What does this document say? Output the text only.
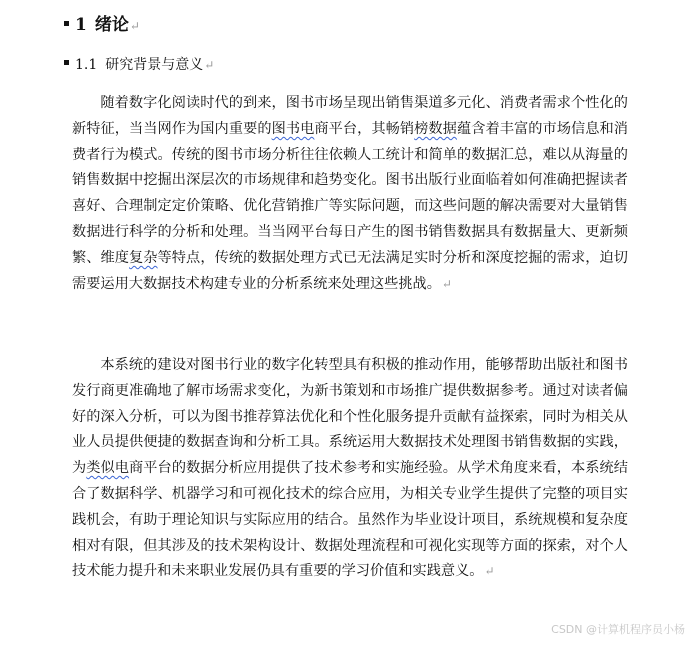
1 绪论 ↵
1.1 研究背景与意义 ↵

随着数字化阅读时代的到来，图书市场呈现出销售渠道多元化、消费者需求个性化的新特征，当当网作为国内重要的图书电商平台，其畅销榜数据蕴含着丰富的市场信息和消费者行为模式。传统的图书市场分析往往依赖人工统计和简单的数据汇总，难以从海量的销售数据中挖掘出深层次的市场规律和趋势变化。图书出版行业面临着如何准确把握读者喜好、合理制定定价策略、优化营销推广等实际问题，而这些问题的解决需要对大量销售数据进行科学的分析和处理。当当网平台每日产生的图书销售数据具有数据量大、更新频繁、维度复杂等特点，传统的数据处理方式已无法满足实时分析和深度挖掘的需求，迫切需要运用大数据技术构建专业的分析系统来处理这些挑战。↵

本系统的建设对图书行业的数字化转型具有积极的推动作用，能够帮助出版社和图书发行商更准确地了解市场需求变化，为新书策划和市场推广提供数据参考。通过对读者偏好的深入分析，可以为图书推荐算法优化和个性化服务提升贡献有益探索，同时为相关从业人员提供便捷的数据查询和分析工具。系统运用大数据技术处理图书销售数据的实践，为类似电商平台的数据分析应用提供了技术参考和实施经验。从学术角度来看，本系统结合了数据科学、机器学习和可视化技术的综合应用，为相关专业学生提供了完整的项目实践机会，有助于理论知识与实际应用的结合。虽然作为毕业设计项目，系统规模和复杂度相对有限，但其涉及的技术架构设计、数据处理流程和可视化实现等方面的探索，对个人技术能力提升和未来职业发展仍具有重要的学习价值和实践意义。↵

CSDN @计算机程序员小杨
